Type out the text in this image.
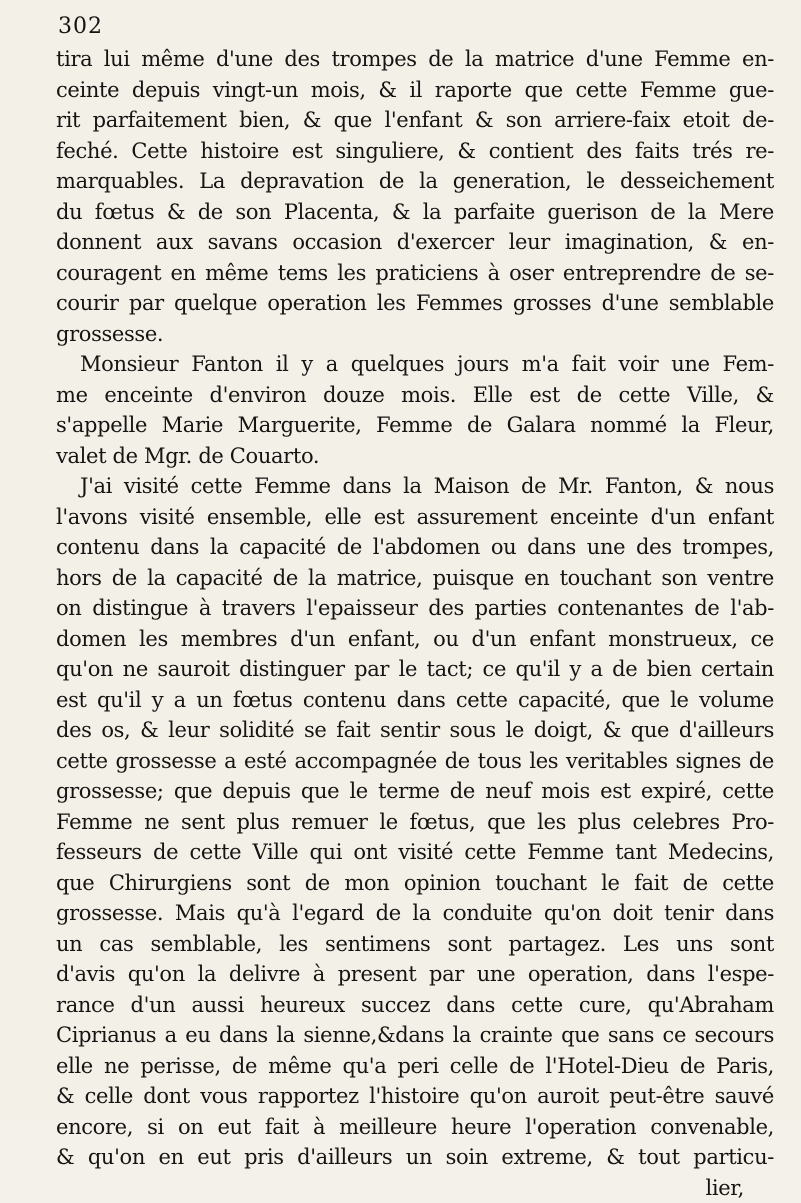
302
tira lui même d'une des trompes de la matrice d'une Femme en-
ceinte depuis vingt-un mois, & il raporte que cette Femme gue-
rit parfaitement bien, & que l'enfant & son arriere-faix etoit de-
feché. Cette histoire est singuliere, & contient des faits trés re-
marquables. La depravation de la generation, le desseichement
du fœtus & de son Placenta, & la parfaite guerison de la Mere
donnent aux savans occasion d'exercer leur imagination, & en-
couragent en même tems les praticiens à oser entreprendre de se-
courir par quelque operation les Femmes grosses d'une semblable
grossesse.
Monsieur Fanton il y a quelques jours m'a fait voir une Fem-
me enceinte d'environ douze mois. Elle est de cette Ville, &
s'appelle Marie Marguerite, Femme de Galara nommé la Fleur,
valet de Mgr. de Couarto.
J'ai visité cette Femme dans la Maison de Mr. Fanton, & nous
l'avons visité ensemble, elle est assurement enceinte d'un enfant
contenu dans la capacité de l'abdomen ou dans une des trompes,
hors de la capacité de la matrice, puisque en touchant son ventre
on distingue à travers l'epaisseur des parties contenantes de l'ab-
domen les membres d'un enfant, ou d'un enfant monstrueux, ce
qu'on ne sauroit distinguer par le tact; ce qu'il y a de bien certain
est qu'il y a un fœtus contenu dans cette capacité, que le volume
des os, & leur solidité se fait sentir sous le doigt, & que d'ailleurs
cette grossesse a esté accompagnée de tous les veritables signes de
grossesse; que depuis que le terme de neuf mois est expiré, cette
Femme ne sent plus remuer le fœtus, que les plus celebres Pro-
fesseurs de cette Ville qui ont visité cette Femme tant Medecins,
que Chirurgiens sont de mon opinion touchant le fait de cette
grossesse. Mais qu'à l'egard de la conduite qu'on doit tenir dans
un cas semblable, les sentimens sont partagez. Les uns sont
d'avis qu'on la delivre à present par une operation, dans l'espe-
rance d'un aussi heureux succez dans cette cure, qu'Abraham
Ciprianus a eu dans la sienne,&dans la crainte que sans ce secours
elle ne perisse, de même qu'a peri celle de l'Hotel-Dieu de Paris,
& celle dont vous rapportez l'histoire qu'on auroit peut-être sauvé
encore, si on eut fait à meilleure heure l'operation convenable,
& qu'on en eut pris d'ailleurs un soin extreme, & tout particu-
lier,
